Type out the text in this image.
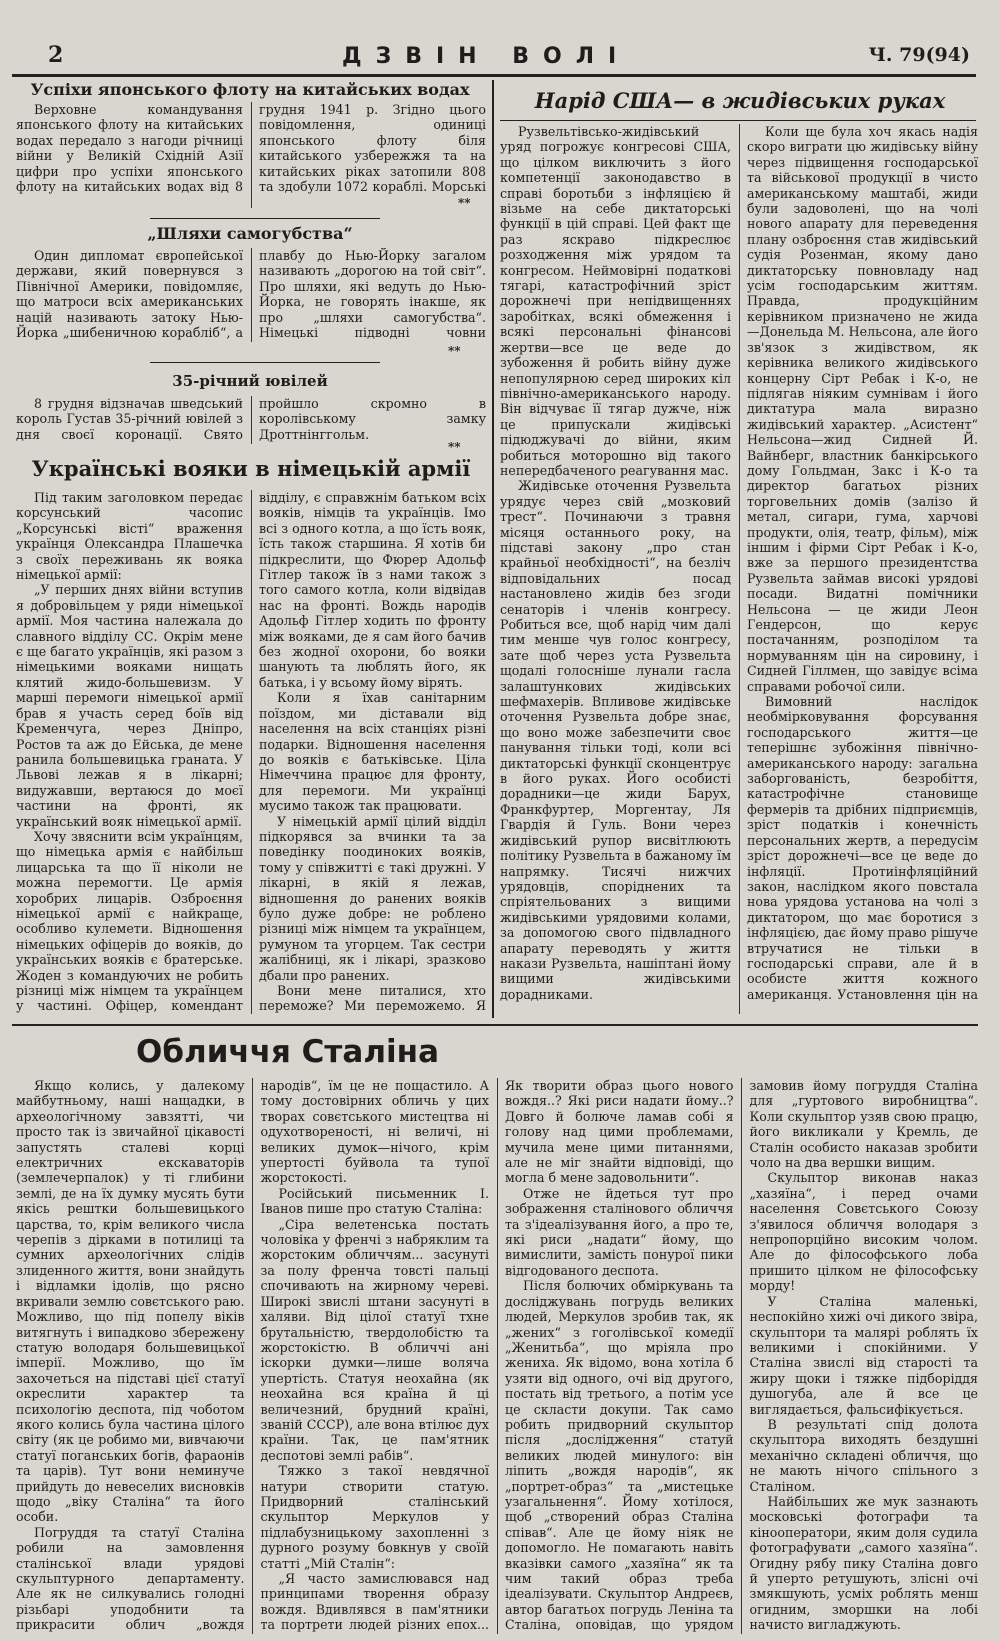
2	ДЗВІН ВОЛІ	Ч. 79(94)
Успіхи японського флоту на китайських водах

Верховне командування японського флоту на китайських водах передало з нагоди річниці війни у Великій Східній Азії цифри про успіхи японського флоту на китайських водах від 8 грудня 1941 р. Згідно цього повідомлення, одиниці японського флоту біля китайського узбережжя та на китайських ріках затопили 808 та здобули 1072 кораблі. Морські

**
„Шляхи самогубства“

Один дипломат європейської держави, який повернувся з Північної Америки, повідомляє, що матроси всіх американських націй називають затоку Нью-Йорка „шибеничною корабліб“, а плавбу до Нью-Йорку загалом називають „дорогою на той світ“. Про шляхи, які ведуть до Нью-Йорка, не говорять інакше, як про „шляхи самогубства“. Німецькі підводні човни

**
35-річний ювілей

8 грудня відзначав шведський король Густав 35-річний ювілей з дня своєї коронації. Свято пройшло скромно в королівському замку Дроттнінггольм.

**
Українські вояки в німецькій армії

Під таким заголовком передає корсунський часопис „Корсунські вісті“ враження українця Олександра Плашечка з своїх переживань як вояка німецької армії:

„У перших днях війни вступив я добровільцем у ряди німецької армії. Моя частина належала до славного відділу СС. Окрім мене є ще багато українців, які разом з німецькими вояками нищать клятий жидо-большевизм. У марші перемоги німецької армії брав я участь серед боїв від Кременчуга, через Дніпро, Ростов та аж до Ейська, де мене ранила большевицька граната. У Львові лежав я в лікарні; видужавши, вертаюся до моєї частини на фронті, як український вояк німецької армії.

Хочу звяснити всім українцям, що німецька армія є найбільш лицарська та що її ніколи не можна перемогти. Це армія хоробрих лицарів. Озброєння німецької армії є найкраще, особливо кулемети. Відношення німецьких офіцерів до вояків, до українських вояків є братерське. Жоден з командуючих не робить різниці між німцем та українцем у частині. Офіцер, комендант відділу, є справжнім батьком всіх вояків, німців та українців. Імо всі з одного котла, а що їсть вояк, їсть також старшина. Я хотів би підкреслити, що Фюрер Адольф Гітлер також їв з нами також з того самого котла, коли відвідав нас на фронті. Вождь народів Адольф Гітлер ходить по фронту між вояками, де я сам його бачив без жодної охорони, бо вояки шанують та люблять його, як батька, і у всьому йому вірять.

Коли я їхав санітарним поїздом, ми діставали від населення на всіх станціях різні подарки. Відношення населення до вояків є батьківське. Ціла Німеччина працює для фронту, для перемоги. Ми українці мусимо також так працювати.

У німецькій армії цілий відділ підкорявся за вчинки та за поведінку поодиноких вояків, тому у співжитті є такі дружні. У лікарні, в якій я лежав, відношення до ранених вояків було дуже добре: не роблено різниці між німцем та українцем, румуном та угорцем. Так сестри жалібниці, як і лікарі, зразково дбали про ранених.

Вони мене питалися, хто переможе? Ми переможемо. Я

Нарід США— в жидівських руках

Рузвельтівсько-жидівський уряд погрожує конгресові США, що цілком виключить з його компетенції законодавство в справі боротьби з інфляцією й візьме на себе диктаторські функції в цій справі. Цей факт ще раз яскраво підкреслює розходження між урядом та конгресом. Неймовірні податкові тягарі, катастрофічний зріст дорожнечі при непідвищеннях заробітках, всякі обмеження і всякі персональні фінансові жертви—все це веде до зубоження й робить війну дуже непопулярною серед широких кіл північно-американського народу. Він відчуває її тягар дужче, ніж це припускали жидівські підюджувачі до війни, яким робиться моторошно від такого непередбаченого реагування мас.

Жидівське оточення Рузвельта урядує через свій „мозковий трест“. Починаючи з травня місяця останнього року, на підставі закону „про стан крайньої необхідності“, на безліч відповідальних посад настановлено жидів без згоди сенаторів і членів конгресу. Робиться все, щоб нарід чим далі тим менше чув голос конгресу, зате щоб через уста Рузвельта щодалі голосніше лунали гасла залаштункових жидівських шефмахерів. Впливове жидівське оточення Рузвельта добре знає, що воно може забезпечити своє панування тільки тоді, коли всі диктаторські функції сконцентрує в його руках. Його особисті дорадники—це жиди Барух, Франкфуртер, Моргентау, Ля Гвардія й Гуль. Вони через жидівський рупор висвітлюють політику Рузвельта в бажаному їм напрямку. Тисячі нижчих урядовців, споріднених та спріятельованих з вищими жидівськими урядовими колами, за допомогою свого підвладного апарату переводять у життя накази Рузвельта, нашіптані йому вищими жидівськими дорадниками.

Коли ще була хоч якась надія скоро виграти цю жидівську війну через підвищення господарської та військової продукції в чисто американському маштабі, жиди були задоволені, що на чолі нового апарату для переведення плану озброєння став жидівський судія Розенман, якому дано диктаторську повновладу над усім господарським життям. Правда, продукційним керівником призначено не жида—Донельда М. Нельсона, але його зв'язок з жидівством, як керівника великого жидівського концерну Сірт Ребак і К-о, не підлягав ніяким сумнівам і його диктатура мала виразно жидівський характер. „Асистент“ Нельсона—жид Сидней Й. Вайнберг, властник банкірського дому Гольдман, Закс і К-о та директор багатьох різних торговельних домів (залізо й метал, сигари, гума, харчові продукти, олія, театр, фільм), між іншим і фірми Сірт Ребак і К-о, вже за першого президентства Рузвельта займав високі урядові посади. Видатні помічники Нельсона — це жиди Леон Гендерсон, що керує постачанням, розподілом та нормуванням цін на сировину, і Сидней Гіллмен, що завідує всіма справами робочої сили.

Вимовний наслідок необмірковування форсування господарського життя—це теперішнє зубожіння північно-американського народу: загальна заборгованість, безробіття, катастрофічне становище фермерів та дрібних підприємців, зріст податків і конечність персональних жертв, а передусім зріст дорожнечі—все це веде до інфляції. Протиінфляційний закон, наслідком якого повстала нова урядова установа на чолі з диктатором, що має боротися з інфляцією, дає йому право рішуче втручатися не тільки в господарські справи, але й в особисте життя кожного американця. Установлення цін на

Обличчя Сталіна

Якщо колись, у далекому майбутньому, наші нащадки, в археологічному завзятті, чи просто так із звичайної цікавості запустять сталеві корці електричних екскаваторів (землечерпалок) у ті глибини землі, де на їх думку мусять бути якісь рештки большевицького царства, то, крім великого числа черепів з дірками в потилиці та сумних археологічних слідів злиденного життя, вони знайдуть і відламки ідолів, що рясно вкривали землю совєтського раю. Можливо, що під попелу віків витягнуть і випадково збережену статую володаря большевицької імперії. Можливо, що їм захочеться на підставі цієї статуї окреслити характер та психологію деспота, під чоботом якого колись була частина цілого світу (як це робимо ми, вивчаючи статуї поганських богів, фараонів та царів). Тут вони неминуче прийдуть до невеселих висновків щодо „віку Сталіна“ та його особи.

Погруддя та статуї Сталіна робили на замовлення сталінської влади урядові скульптурного департаменту. Але як не силкувались голодні різьбарі уподобнити та прикрасити облич „вождя народів“, їм це не пощастило. А тому достовірних обличь у цих творах совєтського мистецтва ні одухотвореності, ні величі, ні великих думок—нічого, крім упертості буйвола та тупої жорстокості.

Російський письменник І. Іванов пише про статую Сталіна:

„Сіра велетенська постать чоловіка у френчі з набряклим та жорстоким обличчям... засунуті за полу френча товсті пальці спочивають на жирному череві. Широкі звислі штани засунуті в халяви. Від цілої статуї тхне брутальністю, твердолобістю та жорстокістю. В обличчі ані іскорки думки—лише воляча упертість. Статуя неохайна (як неохайна вся країна й ці величезний, брудний країні, званій СССР), але вона втілює дух країни. Так, це пам'ятник деспотові землі рабів“.

Тяжко з такої невдячної натури створити статую. Придворний сталінський скульптор Меркулов у підлабузницькому захопленні з дурного розуму бовкнув у своїй статті „Мій Сталін“:

„Я часто замислювався над принципами творення образу вождя. Вдивлявся в пам'ятники та портрети людей різних епох... Як творити образ цього нового вождя..? Які риси надати йому..? Довго й болюче ламав собі я голову над цими проблемами, мучила мене цими питаннями, але не міг знайти відповіді, що могла б мене задовольнити“.

Отже не йдеться тут про зображення сталінового обличчя та з'ідеалізування його, а про те, які риси „надати“ йому, що вимислити, замість понурої пики відгодованого деспота.

Після болючих обміркувань та досліджувань погрудь великих людей, Меркулов зробив так, як „жених“ з гоголівської комедії „Женитьба“, що мріяла про жениха. Як відомо, вона хотіла б узяти від одного, очі від другого, постать від третього, а потім усе це скласти докупи. Так само робить придворний скульптор після „дослідження“ статуй великих людей минулого: він ліпить „вождя народів“, як „портрет-образ“ та „мистецьке узагальнення“. Йому хотілося, щоб „створений образ Сталіна співав“. Але це йому ніяк не допомогло. Не помагають навіть вказівки самого „хазяїна“ як та чим такий образ треба ідеалізувати. Скульптор Андреєв, автор багатьох погрудь Леніна та Сталіна, оповідав, що урядом замовив йому погруддя Сталіна для „гуртового виробництва“. Коли скульптор узяв свою працю, його викликали у Кремль, де Сталін особисто наказав зробити чоло на два вершки вищим.

Скульптор виконав наказ „хазяїна“, і перед очами населення Совєтського Союзу з'явилося обличчя володаря з непропорційно високим чолом. Але до філософського лоба пришито цілком не філософську морду!

У Сталіна маленькі, неспокійно хижі очі дикого звіра, скульптори та малярі роблять їх великими і спокійними. У Сталіна звислі від старості та жиру щоки і тяжке підборіддя душогуба, але й все це виглядається, фальсифікується.

В результаті спід долота скульптора виходять бездушні механічно складені обличчя, що не мають нічого спільного з Сталіном.

Найбільших же мук зазнають московські фотографи та кінооператори, яким доля судила фотографувати „самого хазяїна“. Огидну рябу пику Сталіна довго й уперто ретушують, злісні очі змякшують, усміх роблять менш огидним, зморшки на лобі начисто вигладжують.
